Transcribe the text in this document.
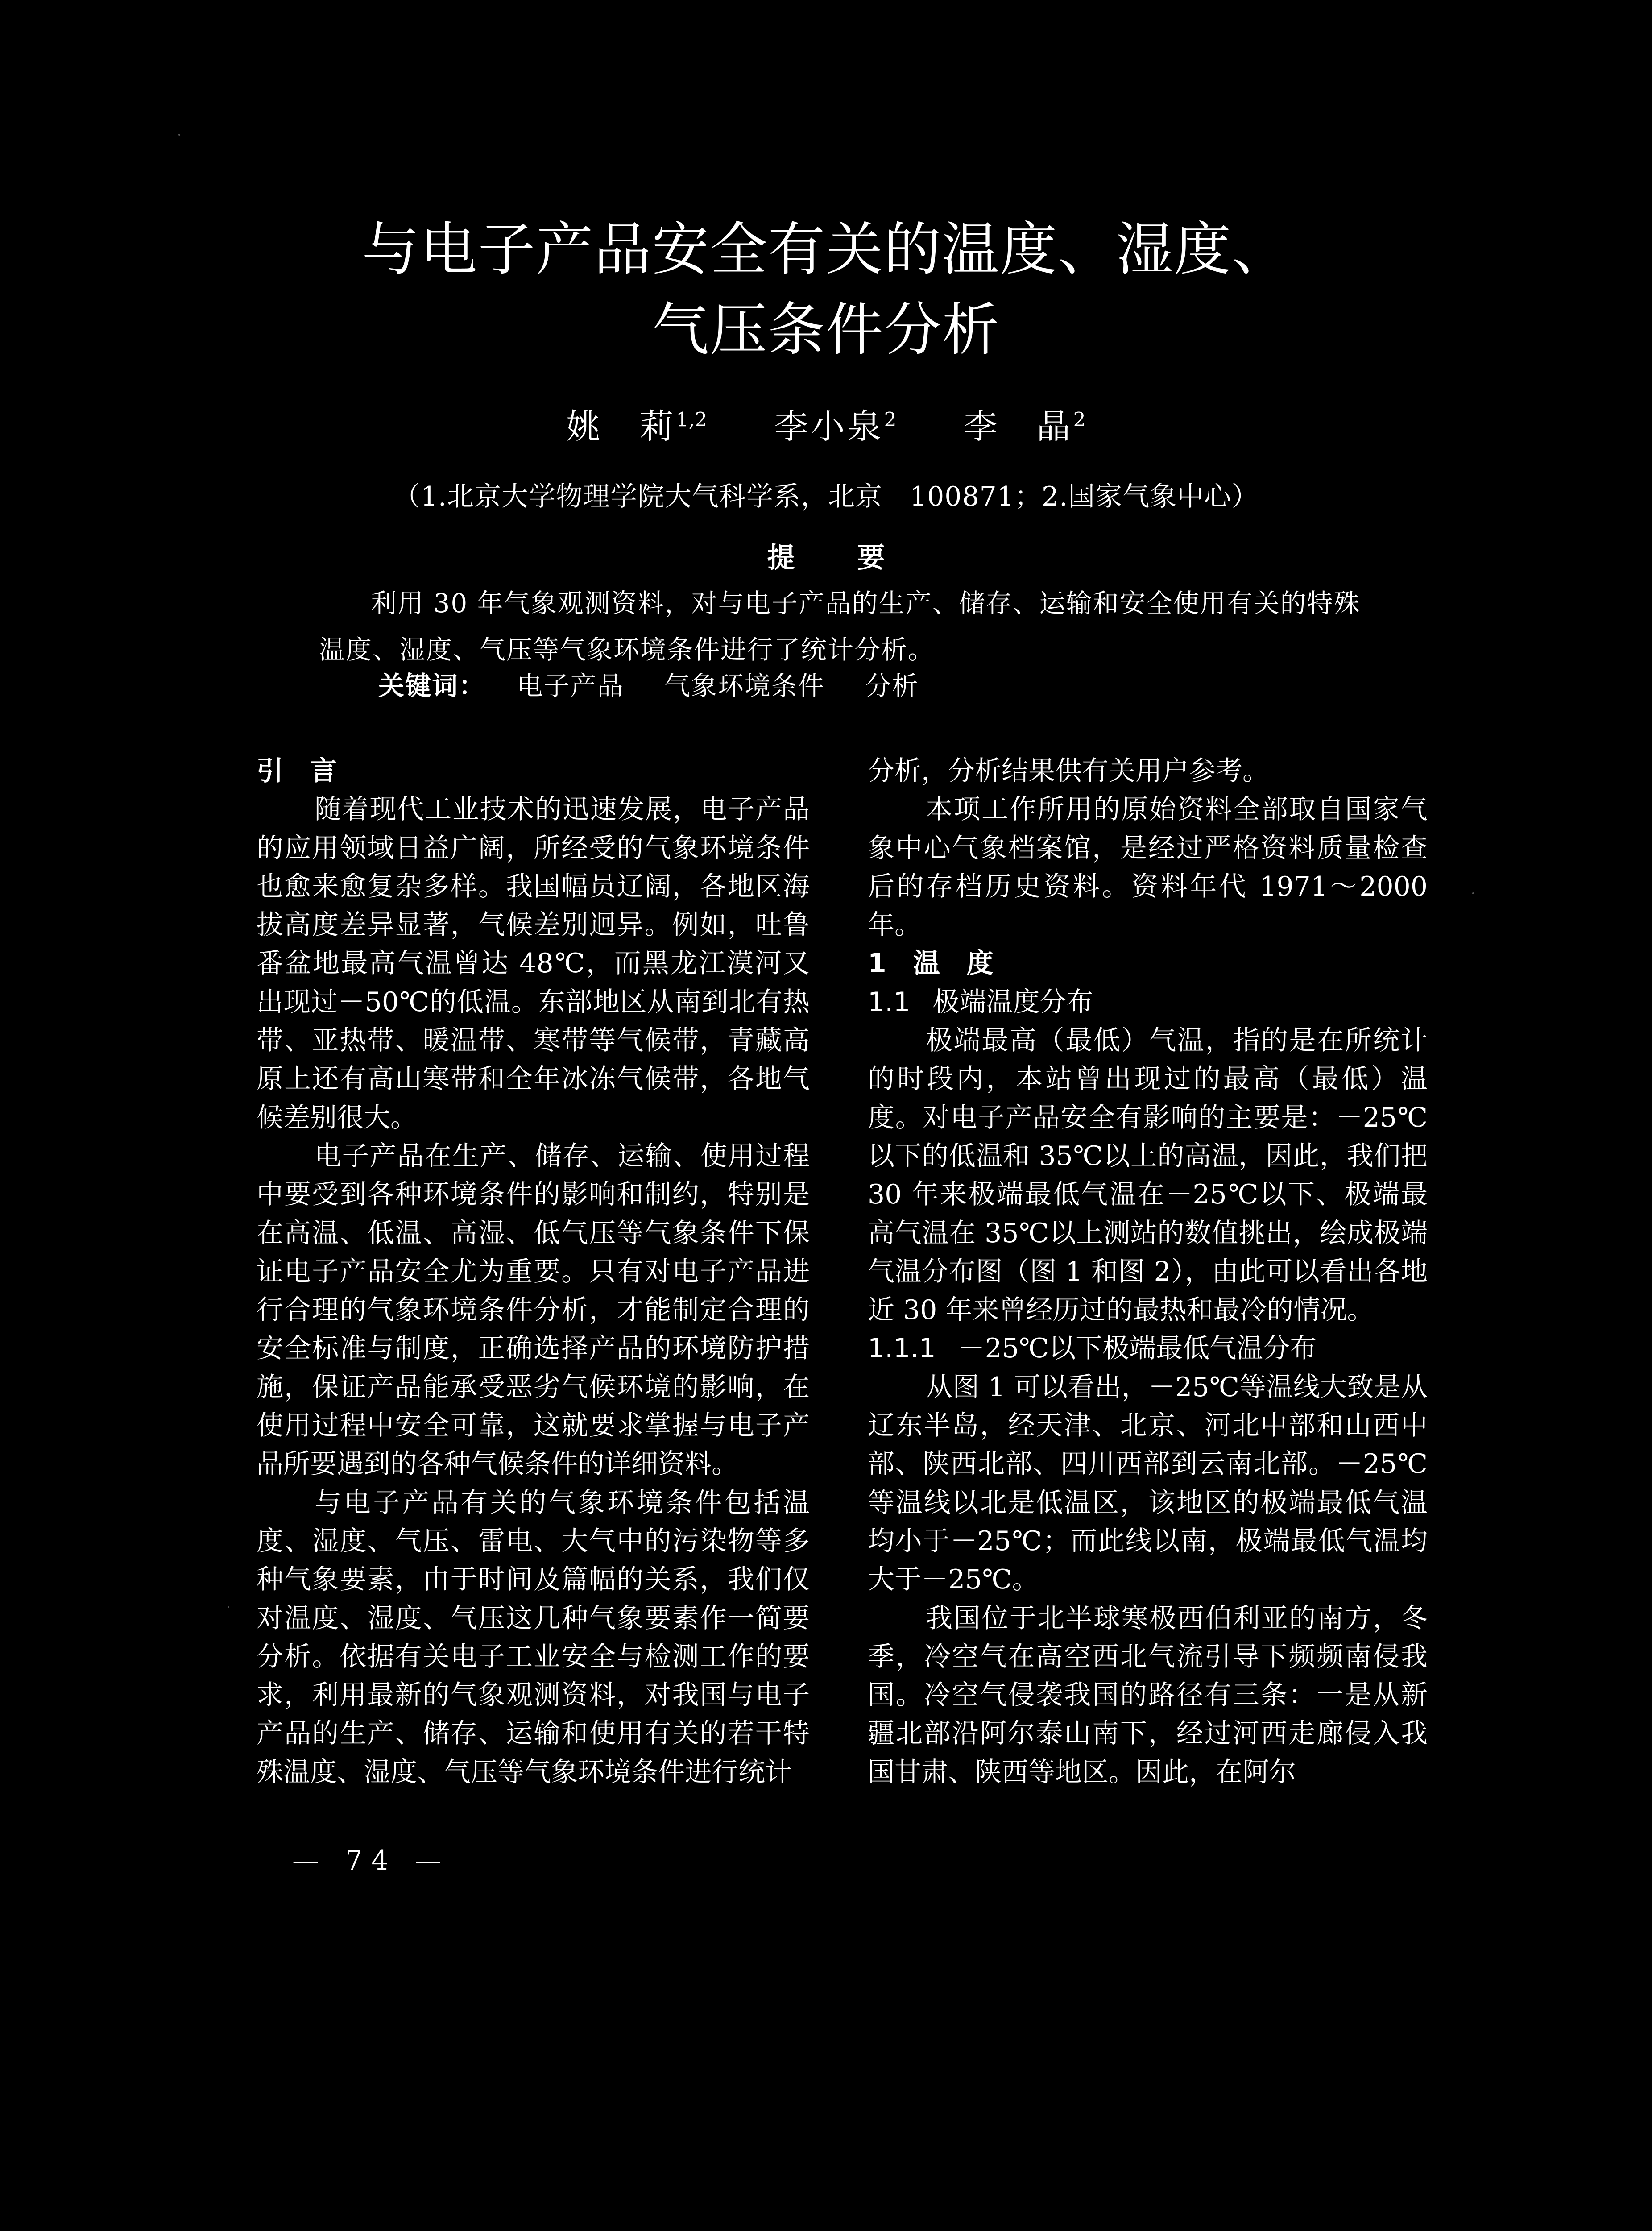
与电子产品安全有关的温度、湿度、
气压条件分析
姚　莉$^{1,2}$ 李小泉$^2$ 李　晶$^2$
（1.北京大学物理学院大气科学系，北京　100871；2.国家气象中心）
提 要

利用 30 年气象观测资料，对与电子产品的生产、储存、运输和安全使用有关的特殊温度、湿度、气压等气象环境条件进行了统计分析。

关键词： 电子产品 气象环境条件 分析

引 言

随着现代工业技术的迅速发展，电子产品的应用领域日益广阔，所经受的气象环境条件也愈来愈复杂多样。我国幅员辽阔，各地区海拔高度差异显著，气候差别迥异。例如，吐鲁番盆地最高气温曾达 48℃，而黑龙江漠河又出现过－50℃的低温。东部地区从南到北有热带、亚热带、暖温带、寒带等气候带，青藏高原上还有高山寒带和全年冰冻气候带，各地气候差别很大。

电子产品在生产、储存、运输、使用过程中要受到各种环境条件的影响和制约，特别是在高温、低温、高湿、低气压等气象条件下保证电子产品安全尤为重要。只有对电子产品进行合理的气象环境条件分析，才能制定合理的安全标准与制度，正确选择产品的环境防护措施，保证产品能承受恶劣气候环境的影响，在使用过程中安全可靠，这就要求掌握与电子产品所要遇到的各种气候条件的详细资料。

与电子产品有关的气象环境条件包括温度、湿度、气压、雷电、大气中的污染物等多种气象要素，由于时间及篇幅的关系，我们仅对温度、湿度、气压这几种气象要素作一简要分析。依据有关电子工业安全与检测工作的要求，利用最新的气象观测资料，对我国与电子产品的生产、储存、运输和使用有关的若干特殊温度、湿度、气压等气象环境条件进行统计

分析，分析结果供有关用户参考。

本项工作所用的原始资料全部取自国家气象中心气象档案馆，是经过严格资料质量检查后的存档历史资料。资料年代 1971～2000 年。

1 温 度

1.1 极端温度分布

极端最高（最低）气温，指的是在所统计的时段内，本站曾出现过的最高（最低）温度。对电子产品安全有影响的主要是：－25℃以下的低温和 35℃以上的高温，因此，我们把 30 年来极端最低气温在－25℃以下、极端最高气温在 35℃以上测站的数值挑出，绘成极端气温分布图（图 1 和图 2），由此可以看出各地近 30 年来曾经历过的最热和最冷的情况。

1.1.1 －25℃以下极端最低气温分布

从图 1 可以看出，－25℃等温线大致是从辽东半岛，经天津、北京、河北中部和山西中部、陕西北部、四川西部到云南北部。－25℃等温线以北是低温区，该地区的极端最低气温均小于－25℃；而此线以南，极端最低气温均大于－25℃。

我国位于北半球寒极西伯利亚的南方，冬季，冷空气在高空西北气流引导下频频南侵我国。冷空气侵袭我国的路径有三条：一是从新疆北部沿阿尔泰山南下，经过河西走廊侵入我国甘肃、陕西等地区。因此，在阿尔

— 74 —
